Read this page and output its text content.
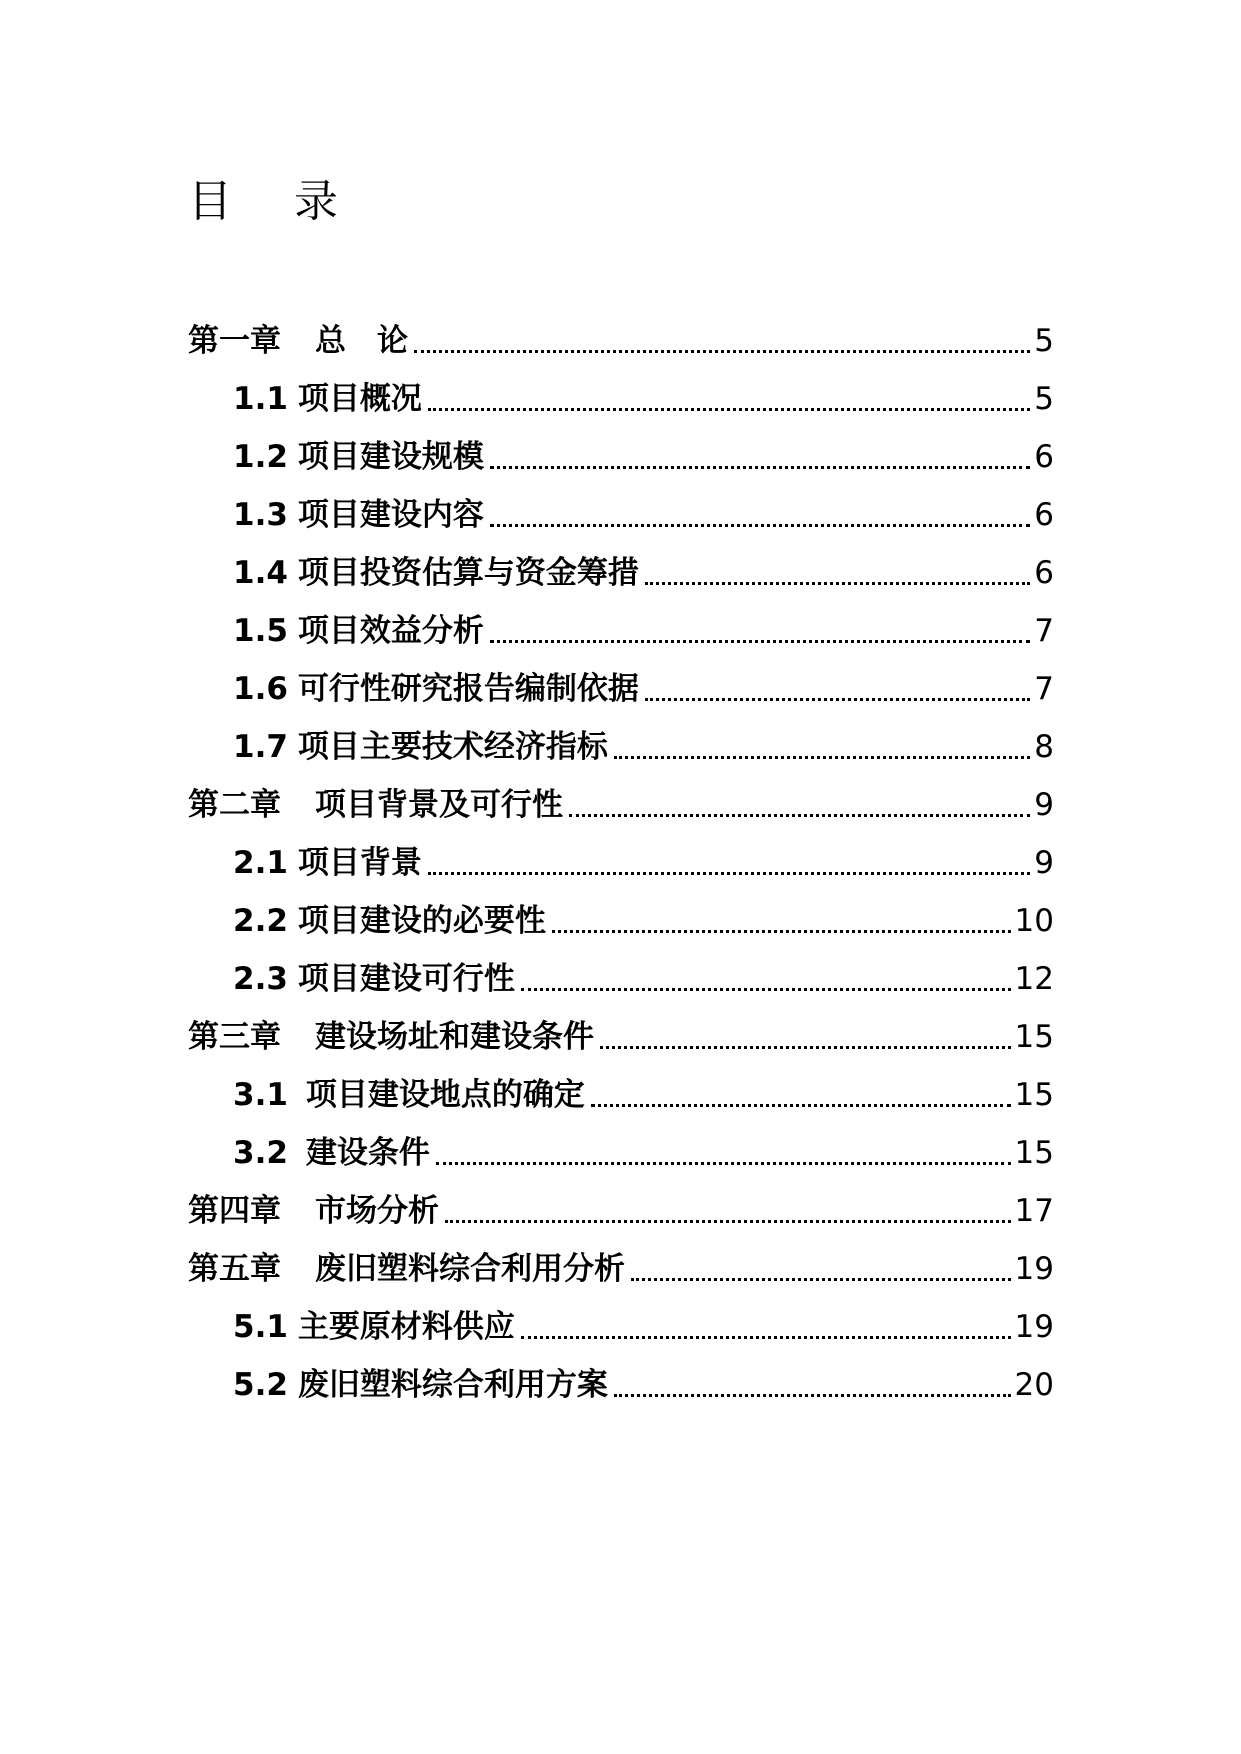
目 录
第一章 总　论	5
1.1 项目概况	5
1.2 项目建设规模	6
1.3 项目建设内容	6
1.4 项目投资估算与资金筹措	6
1.5 项目效益分析	7
1.6 可行性研究报告编制依据	7
1.7 项目主要技术经济指标	8
第二章 项目背景及可行性	9
2.1 项目背景	9
2.2 项目建设的必要性	10
2.3 项目建设可行性	12
第三章 建设场址和建设条件	15
3.1 项目建设地点的确定	15
3.2 建设条件	15
第四章 市场分析	17
第五章 废旧塑料综合利用分析	19
5.1 主要原材料供应	19
5.2 废旧塑料综合利用方案	20
